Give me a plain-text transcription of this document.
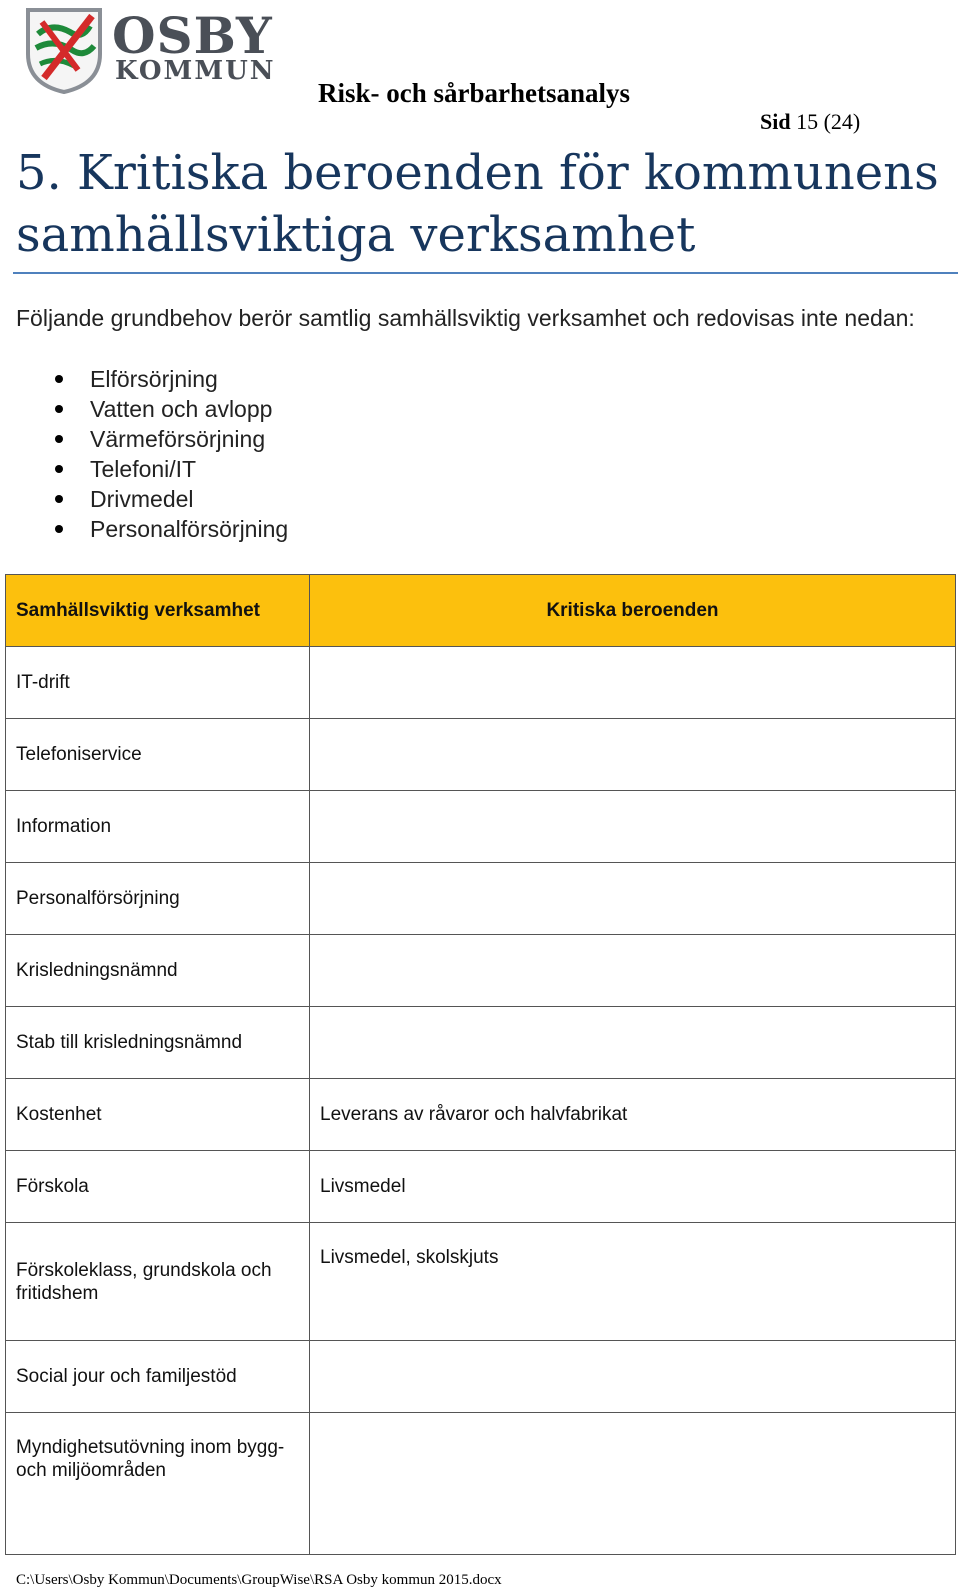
OSBY
KOMMUN
Risk- och sårbarhetsanalys
Sid 15 (24)
5. Kritiska beroenden för kommunens samhällsviktiga verksamhet

Följande grundbehov berör samtlig samhällsviktig verksamhet och redovisas inte nedan:

Elförsörjning
Vatten och avlopp
Värmeförsörjning
Telefoni/IT
Drivmedel
Personalförsörjning
Samhällsviktig verksamhet	Kritiska beroenden
IT-drift	
Telefoniservice	
Information	
Personalförsörjning	
Krisledningsnämnd	
Stab till krisledningsnämnd	
Kostenhet	Leverans av råvaror och halvfabrikat
Förskola	Livsmedel
Förskoleklass, grundskola och fritidshem	Livsmedel, skolskjuts
Social jour och familjestöd	
Myndighetsutövning inom bygg- och miljöområden	
C:\Users\Osby Kommun\Documents\GroupWise\RSA Osby kommun 2015.docx
